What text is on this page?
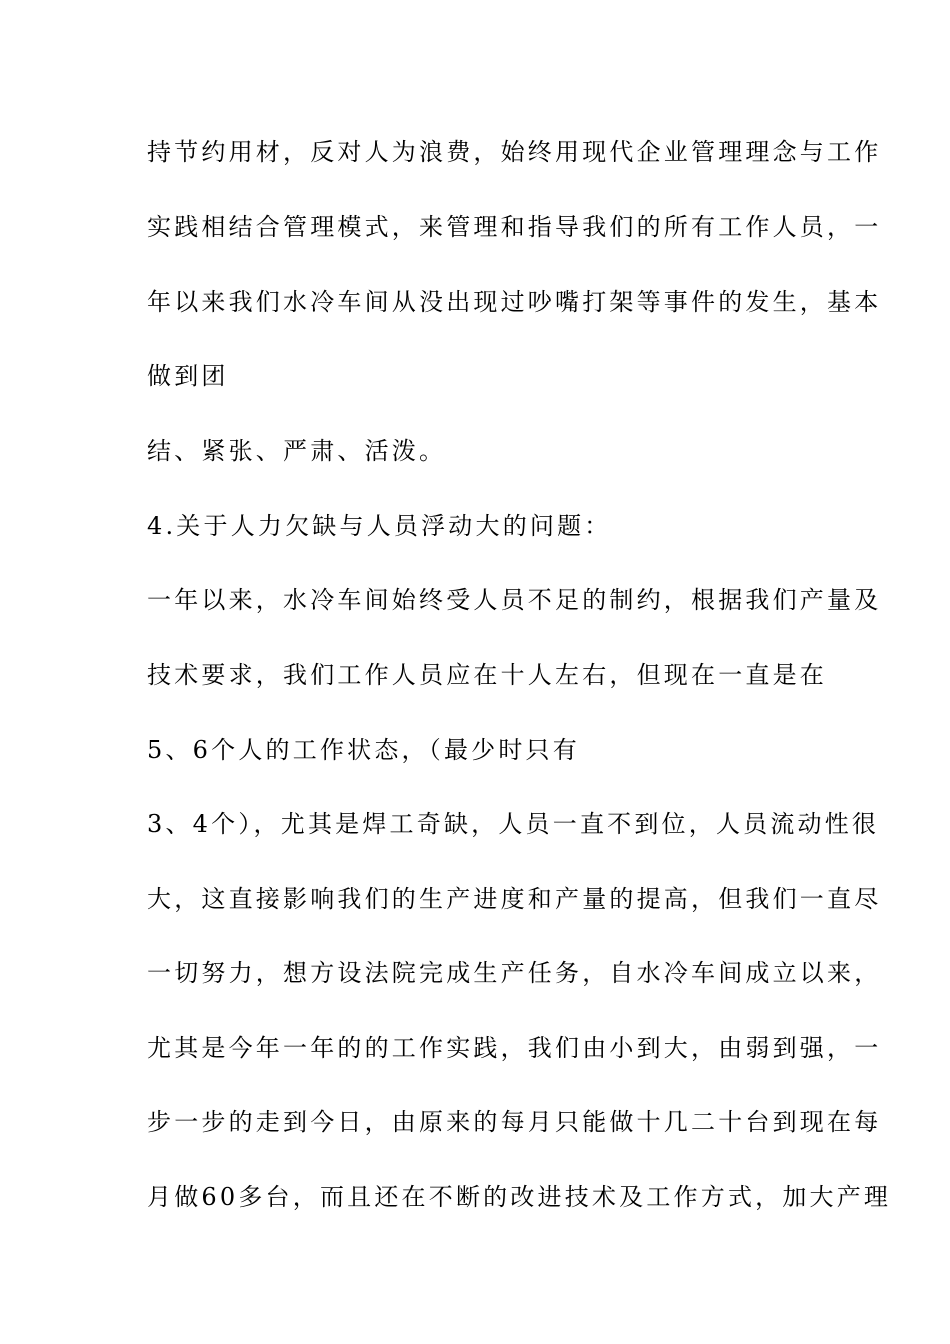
持节约用材，反对人为浪费，始终用现代企业管理理念与工作
实践相结合管理模式，来管理和指导我们的所有工作人员，一
年以来我们水冷车间从没出现过吵嘴打架等事件的发生，基本
做到团
结、紧张、严肃、活泼。
4.关于人力欠缺与人员浮动大的问题：
一年以来，水冷车间始终受人员不足的制约，根据我们产量及
技术要求，我们工作人员应在十人左右，但现在一直是在
5、6个人的工作状态，（最少时只有
3、4个），尤其是焊工奇缺，人员一直不到位，人员流动性很
大，这直接影响我们的生产进度和产量的提高，但我们一直尽
一切努力，想方设法院完成生产任务，自水冷车间成立以来，
尤其是今年一年的的工作实践，我们由小到大，由弱到强，一
步一步的走到今日，由原来的每月只能做十几二十台到现在每
月做60多台，而且还在不断的改进技术及工作方式，加大产理
